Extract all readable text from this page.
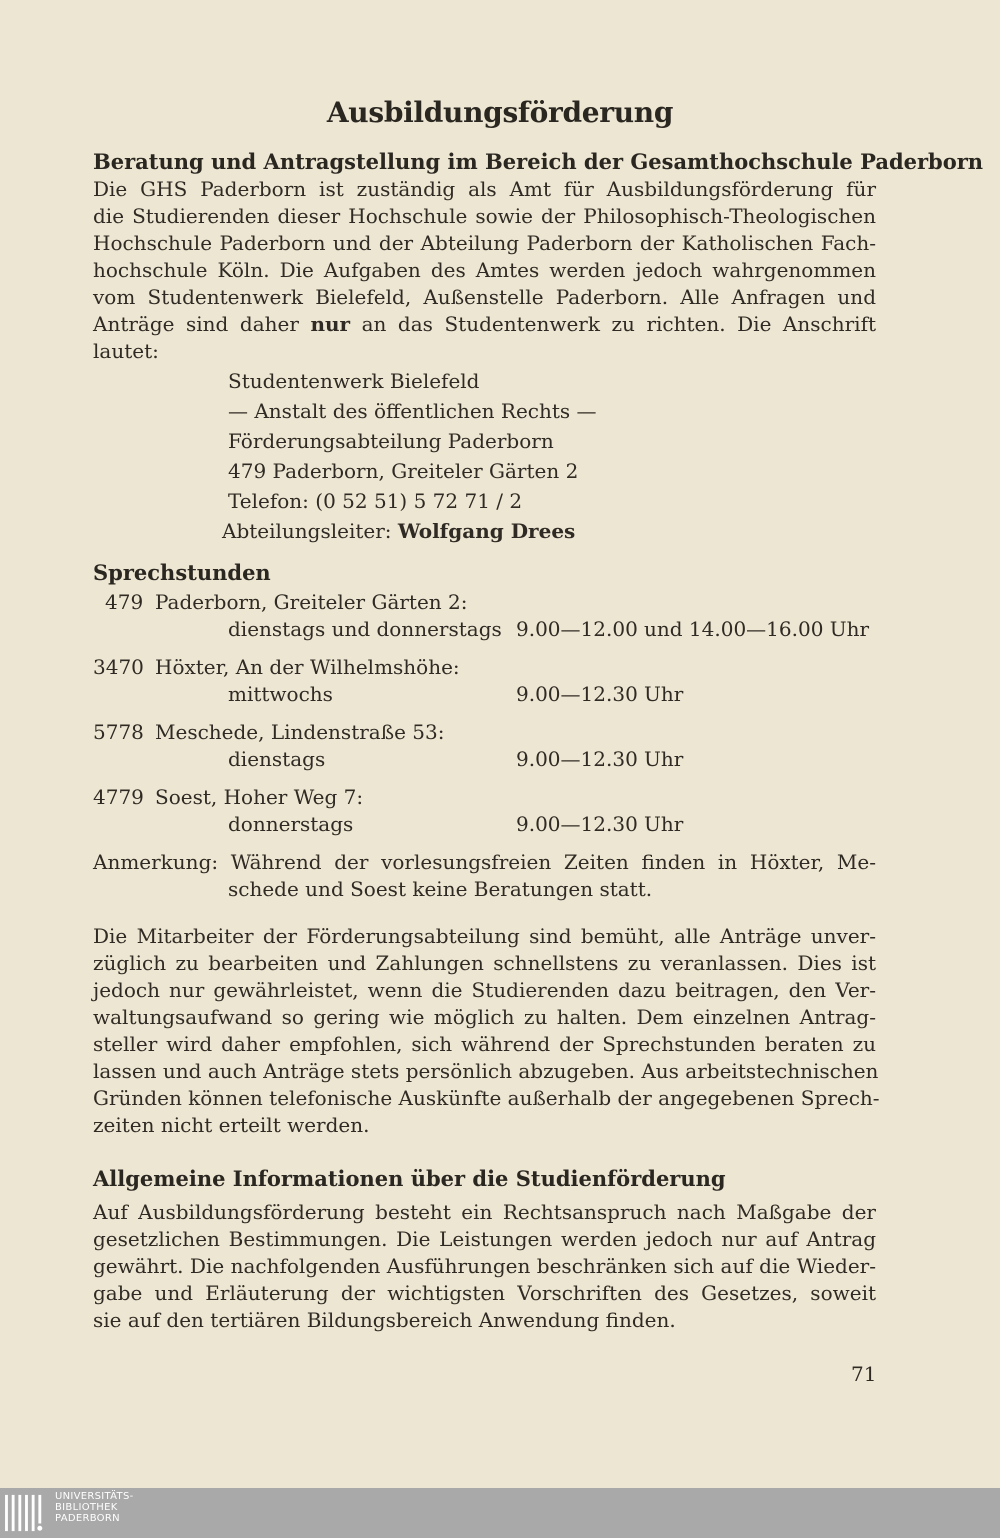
Ausbildungsförderung
Beratung und Antragstellung im Bereich der Gesamthochschule Paderborn
Die GHS Paderborn ist zuständig als Amt für Ausbildungsförderung für
die Studierenden dieser Hochschule sowie der Philosophisch-Theologischen
Hochschule Paderborn und der Abteilung Paderborn der Katholischen Fach-
hochschule Köln. Die Aufgaben des Amtes werden jedoch wahrgenommen
vom Studentenwerk Bielefeld, Außenstelle Paderborn. Alle Anfragen und
Anträge sind daher nur an das Studentenwerk zu richten. Die Anschrift
lautet:
Studentenwerk Bielefeld
— Anstalt des öffentlichen Rechts —
Förderungsabteilung Paderborn
479 Paderborn, Greiteler Gärten 2
Telefon: (0 52 51) 5 72 71 / 2
Abteilungsleiter: Wolfgang Drees
Sprechstunden
479 Paderborn, Greiteler Gärten 2:
dienstags und donnerstags 9.00—12.00 und 14.00—16.00 Uhr
3470 Höxter, An der Wilhelmshöhe:
mittwochs	9.00—12.30 Uhr
5778 Meschede, Lindenstraße 53:
dienstags	9.00—12.30 Uhr
4779 Soest, Hoher Weg 7:
donnerstags	9.00—12.30 Uhr
Anmerkung: Während der vorlesungsfreien Zeiten finden in Höxter, Me-
schede und Soest keine Beratungen statt.
Die Mitarbeiter der Förderungsabteilung sind bemüht, alle Anträge unver-
züglich zu bearbeiten und Zahlungen schnellstens zu veranlassen. Dies ist
jedoch nur gewährleistet, wenn die Studierenden dazu beitragen, den Ver-
waltungsaufwand so gering wie möglich zu halten. Dem einzelnen Antrag-
steller wird daher empfohlen, sich während der Sprechstunden beraten zu
lassen und auch Anträge stets persönlich abzugeben. Aus arbeitstechnischen
Gründen können telefonische Auskünfte außerhalb der angegebenen Sprech-
zeiten nicht erteilt werden.
Allgemeine Informationen über die Studienförderung
Auf Ausbildungsförderung besteht ein Rechtsanspruch nach Maßgabe der
gesetzlichen Bestimmungen. Die Leistungen werden jedoch nur auf Antrag
gewährt. Die nachfolgenden Ausführungen beschränken sich auf die Wieder-
gabe und Erläuterung der wichtigsten Vorschriften des Gesetzes, soweit
sie auf den tertiären Bildungsbereich Anwendung finden.
71
UNIVERSITÄTS-
BIBLIOTHEK
PADERBORN
